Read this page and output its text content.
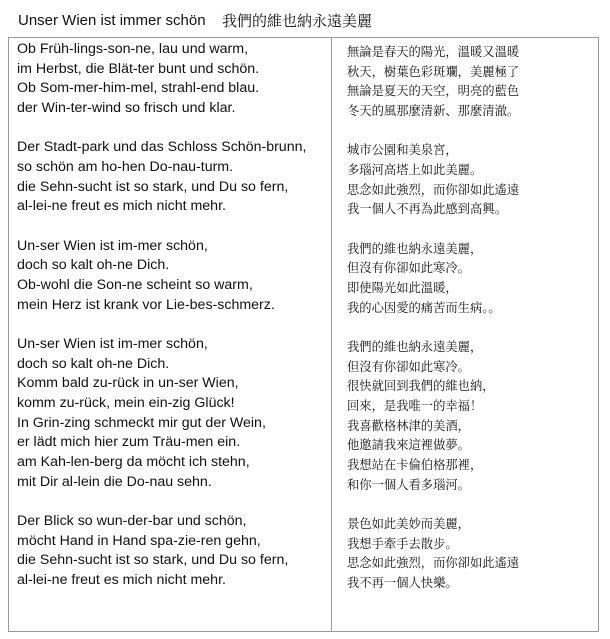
Unser Wien ist immer schön 我們的維也納永遠美麗
Ob Früh-lings-son-ne, lau und warm,
im Herbst, die Blät-ter bunt und schön.
Ob Som-mer-him-mel, strahl-end blau.
der Win-ter-wind so frisch und klar.
Der Stadt-park und das Schloss Schön-brunn,
so schön am ho-hen Do-nau-turm.
die Sehn-sucht ist so stark, und Du so fern,
al-lei-ne freut es mich nicht mehr.
Un-ser Wien ist im-mer schön,
doch so kalt oh-ne Dich.
Ob-wohl die Son-ne scheint so warm,
mein Herz ist krank vor Lie-bes-schmerz.
Un-ser Wien ist im-mer schön,
doch so kalt oh-ne Dich.
Komm bald zu-rück in un-ser Wien,
komm zu-rück, mein ein-zig Glück!
In Grin-zing schmeckt mir gut der Wein,
er lädt mich hier zum Träu-men ein.
am Kah-len-berg da möcht ich stehn,
mit Dir al-lein die Do-nau sehn.
Der Blick so wun-der-bar und schön,
möcht Hand in Hand spa-zie-ren gehn,
die Sehn-sucht ist so stark, und Du so fern,
al-lei-ne freut es mich nicht mehr.
無論是春天的陽光，溫暖又溫暖
秋天，樹葉色彩斑斕，美麗極了
無論是夏天的天空，明亮的藍色
冬天的風那麼清新、那麼清澈。
城市公園和美泉宮，
多瑙河高塔上如此美麗。
思念如此強烈，而你卻如此遙遠
我一個人不再為此感到高興。
我們的維也納永遠美麗，
但沒有你卻如此寒冷。
即使陽光如此溫暖，
我的心因愛的痛苦而生病。。
我們的維也納永遠美麗，
但沒有你卻如此寒冷。
很快就回到我們的維也納，
回來，是我唯一的幸福！
我喜歡格林津的美酒，
他邀請我來這裡做夢。
我想站在卡倫伯格那裡，
和你一個人看多瑙河。
景色如此美妙而美麗，
我想手牽手去散步。
思念如此強烈，而你卻如此遙遠
我不再一個人快樂。
